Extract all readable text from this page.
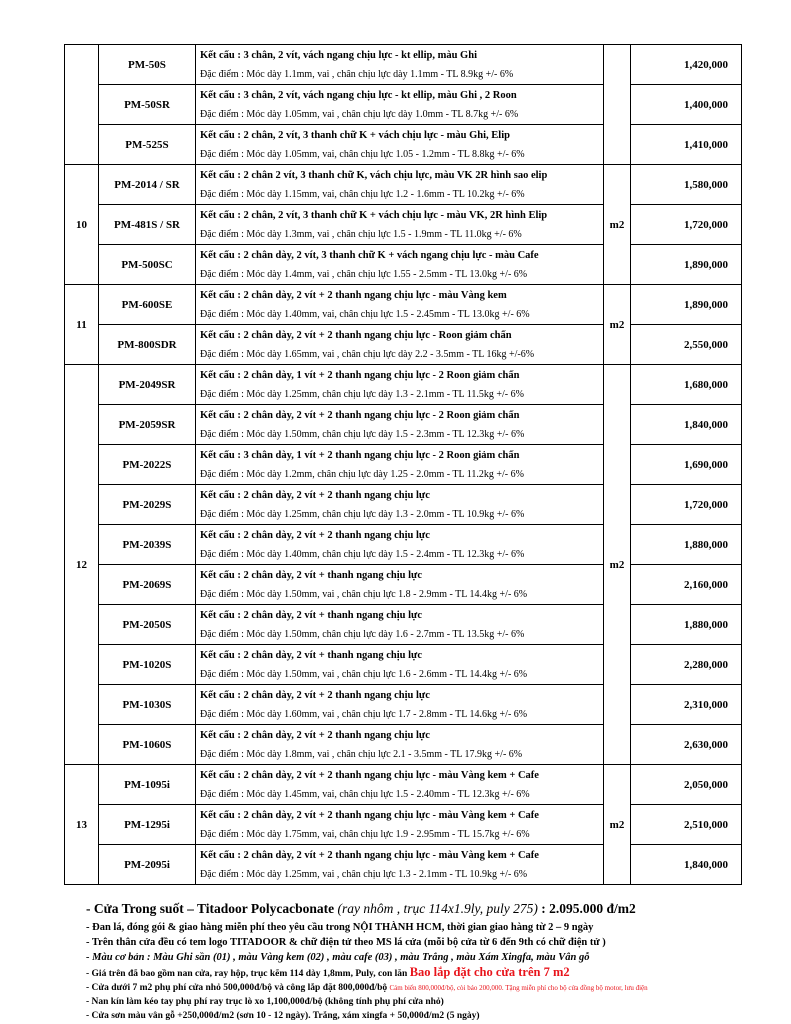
	PM-50S	Kết cấu : 3 chân, 2 vít, vách ngang chịu lực - kt ellip, màu Ghi
Đặc điểm : Móc dày 1.1mm, vai , chân chịu lực dày 1.1mm - TL 8.9kg +/- 6%		1,420,000
	PM-50SR	Kết cấu : 3 chân, 2 vít, vách ngang chịu lực - kt ellip, màu Ghi , 2 Roon
Đặc điểm : Móc dày 1.05mm, vai , chân chịu lực dày 1.0mm - TL 8.7kg +/- 6%		1,400,000
	PM-525S	Kết cấu : 2 chân, 2 vít, 3 thanh chữ K + vách chịu lực - màu Ghi, Elip
Đặc điểm : Móc dày 1.05mm, vai, chân chịu lực 1.05 - 1.2mm - TL 8.8kg +/- 6%		1,410,000
10	PM-2014 / SR	Kết cấu : 2 chân 2 vít, 3 thanh chữ K, vách chịu lực, màu VK 2R hình sao elip
Đặc điểm : Móc dày 1.15mm, vai, chân chịu lực 1.2 - 1.6mm - TL 10.2kg +/- 6%	m2	1,580,000
	PM-481S / SR	Kết cấu : 2 chân, 2 vít, 3 thanh chữ K + vách chịu lực - màu VK, 2R hình Elip
Đặc điểm : Móc dày 1.3mm, vai , chân chịu lực 1.5 - 1.9mm - TL 11.0kg +/- 6%		1,720,000
	PM-500SC	Kết cấu : 2 chân dày, 2 vít, 3 thanh chữ K + vách ngang chịu lực - màu Cafe
Đặc điểm : Móc dày 1.4mm, vai , chân chịu lực 1.55 - 2.5mm - TL 13.0kg +/- 6%		1,890,000
11	PM-600SE	Kết cấu : 2 chân dày, 2 vít + 2 thanh ngang chịu lực - màu Vàng kem
Đặc điểm : Móc dày 1.40mm, vai, chân chịu lực 1.5 - 2.45mm - TL 13.0kg +/- 6%	m2	1,890,000
	PM-800SDR	Kết cấu : 2 chân dày, 2 vít + 2 thanh ngang chịu lực - Roon giảm chấn
Đặc điểm : Móc dày 1.65mm, vai , chân chịu lực dày 2.2 - 3.5mm - TL 16kg +/-6%		2,550,000
12	PM-2049SR	Kết cấu : 2 chân dày, 1 vít + 2 thanh ngang chịu lực - 2 Roon giảm chấn
Đặc điểm : Móc dày 1.25mm, chân chịu lực dày 1.3 - 2.1mm - TL 11.5kg +/- 6%	m2	1,680,000
	PM-2059SR	Kết cấu : 2 chân dày, 2 vít + 2 thanh ngang chịu lực - 2 Roon giảm chấn
Đặc điểm : Móc dày 1.50mm, chân chịu lực dày 1.5 - 2.3mm - TL 12.3kg +/- 6%		1,840,000
	PM-2022S	Kết cấu : 3 chân dày, 1 vít + 2 thanh ngang chịu lực - 2 Roon giảm chấn
Đặc điểm : Móc dày 1.2mm, chân chịu lực dày 1.25 - 2.0mm - TL 11.2kg +/- 6%		1,690,000
	PM-2029S	Kết cấu : 2 chân dày, 2 vít + 2 thanh ngang chịu lực
Đặc điểm : Móc dày 1.25mm, chân chịu lực dày 1.3 - 2.0mm - TL 10.9kg +/- 6%		1,720,000
	PM-2039S	Kết cấu : 2 chân dày, 2 vít + 2 thanh ngang chịu lực
Đặc điểm : Móc dày 1.40mm, chân chịu lực dày 1.5 - 2.4mm - TL 12.3kg +/- 6%		1,880,000
	PM-2069S	Kết cấu : 2 chân dày, 2 vít + thanh ngang chịu lực
Đặc điểm : Móc dày 1.50mm, vai , chân chịu lực 1.8 - 2.9mm - TL 14.4kg +/- 6%		2,160,000
	PM-2050S	Kết cấu : 2 chân dày, 2 vít + thanh ngang chịu lực
Đặc điểm : Móc dày 1.50mm, chân chịu lực dày 1.6 - 2.7mm - TL 13.5kg +/- 6%		1,880,000
	PM-1020S	Kết cấu : 2 chân dày, 2 vít + thanh ngang chịu lực
Đặc điểm : Móc dày 1.50mm, vai , chân chịu lực 1.6 - 2.6mm - TL 14.4kg +/- 6%		2,280,000
	PM-1030S	Kết cấu : 2 chân dày, 2 vít + 2 thanh ngang chịu lực
Đặc điểm : Móc dày 1.60mm, vai , chân chịu lực 1.7 - 2.8mm - TL 14.6kg +/- 6%		2,310,000
	PM-1060S	Kết cấu : 2 chân dày, 2 vít + 2 thanh ngang chịu lực
Đặc điểm : Móc dày 1.8mm, vai , chân chịu lực 2.1 - 3.5mm - TL 17.9kg +/- 6%		2,630,000
13	PM-1095i	Kết cấu : 2 chân dày, 2 vít + 2 thanh ngang chịu lực - màu Vàng kem + Cafe
Đặc điểm : Móc dày 1.45mm, vai, chân chịu lực 1.5 - 2.40mm - TL 12.3kg +/- 6%	m2	2,050,000
	PM-1295i	Kết cấu : 2 chân dày, 2 vít + 2 thanh ngang chịu lực - màu Vàng kem + Cafe
Đặc điểm : Móc dày 1.75mm, vai, chân chịu lực 1.9 - 2.95mm - TL 15.7kg +/- 6%		2,510,000
	PM-2095i	Kết cấu : 2 chân dày, 2 vít + 2 thanh ngang chịu lực - màu Vàng kem + Cafe
Đặc điểm : Móc dày 1.25mm, vai , chân chịu lực 1.3 - 2.1mm - TL 10.9kg +/- 6%		1,840,000
- Cửa Trong suốt – Titadoor Polycacbonate (ray nhôm , trục 114x1.9ly, puly 275) : 2.095.000 đ/m2
- Đan lá, đóng gói & giao hàng miễn phí theo yêu cầu trong NỘI THÀNH HCM, thời gian giao hàng từ 2 – 9 ngày
- Trên thân cửa đều có tem logo TITADOOR & chữ điện tử theo MS lá cửa (mỗi bộ cửa từ 6 đến 9th có chữ điện tử )
- Màu cơ bản : Màu Ghi sần (01) , màu Vàng kem (02) , màu cafe (03) , màu Trắng , màu Xám Xingfa, màu Vân gỗ
- Giá trên đã bao gồm nan cửa, ray hộp, trục kẽm 114 dày 1,8mm, Puly, con lăn Bao lắp đặt cho cửa trên 7 m2
- Cửa dưới 7 m2 phụ phí cửa nhỏ 500,000đ/bộ và công lắp đặt 800,000đ/bộ Cảm biến 800,000đ/bộ, còi báo 200,000. Tặng miễn phí cho bộ cửa đồng bộ motor, lưu điện
- Nan kín làm kéo tay phụ phí ray trục lò xo 1,100,000đ/bộ (không tính phụ phí cửa nhỏ)
- Cửa sơn màu vân gỗ +250,000đ/m2 (sơn 10 - 12 ngày). Trắng, xám xingfa + 50,000đ/m2 (5 ngày)
